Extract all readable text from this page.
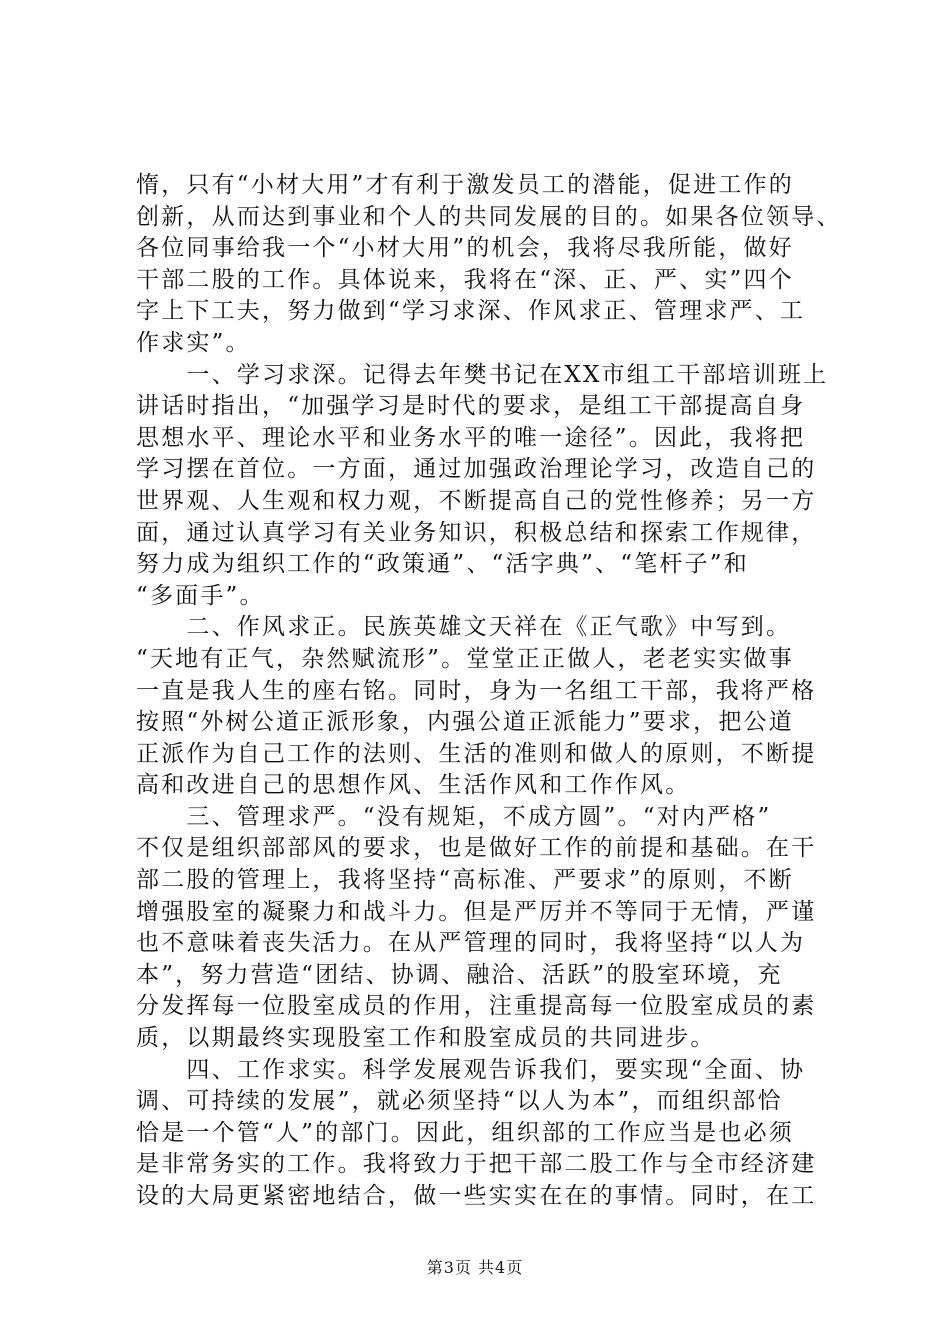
惰，只有“小材大用”才有利于激发员工的潜能，促进工作的
创新，从而达到事业和个人的共同发展的目的。如果各位领导、
各位同事给我一个“小材大用”的机会，我将尽我所能，做好
干部二股的工作。具体说来，我将在“深、正、严、实”四个
字上下工夫，努力做到“学习求深、作风求正、管理求严、工
作求实”。
　　一、学习求深。记得去年樊书记在XX市组工干部培训班上
讲话时指出，“加强学习是时代的要求，是组工干部提高自身
思想水平、理论水平和业务水平的唯一途径”。因此，我将把
学习摆在首位。一方面，通过加强政治理论学习，改造自己的
世界观、人生观和权力观，不断提高自己的党性修养；另一方
面，通过认真学习有关业务知识，积极总结和探索工作规律，
努力成为组织工作的“政策通”、“活字典”、“笔杆子”和
“多面手”。
　　二、作风求正。民族英雄文天祥在《正气歌》中写到。
“天地有正气，杂然赋流形”。堂堂正正做人，老老实实做事
一直是我人生的座右铭。同时，身为一名组工干部，我将严格
按照“外树公道正派形象，内强公道正派能力”要求，把公道
正派作为自己工作的法则、生活的准则和做人的原则，不断提
高和改进自己的思想作风、生活作风和工作作风。
　　三、管理求严。“没有规矩，不成方圆”。“对内严格”
不仅是组织部部风的要求，也是做好工作的前提和基础。在干
部二股的管理上，我将坚持“高标准、严要求”的原则，不断
增强股室的凝聚力和战斗力。但是严厉并不等同于无情，严谨
也不意味着丧失活力。在从严管理的同时，我将坚持“以人为
本”，努力营造“团结、协调、融洽、活跃”的股室环境，充
分发挥每一位股室成员的作用，注重提高每一位股室成员的素
质，以期最终实现股室工作和股室成员的共同进步。
　　四、工作求实。科学发展观告诉我们，要实现“全面、协
调、可持续的发展”，就必须坚持“以人为本”，而组织部恰
恰是一个管“人”的部门。因此，组织部的工作应当是也必须
是非常务实的工作。我将致力于把干部二股工作与全市经济建
设的大局更紧密地结合，做一些实实在在的事情。同时，在工
第3页 共4页
